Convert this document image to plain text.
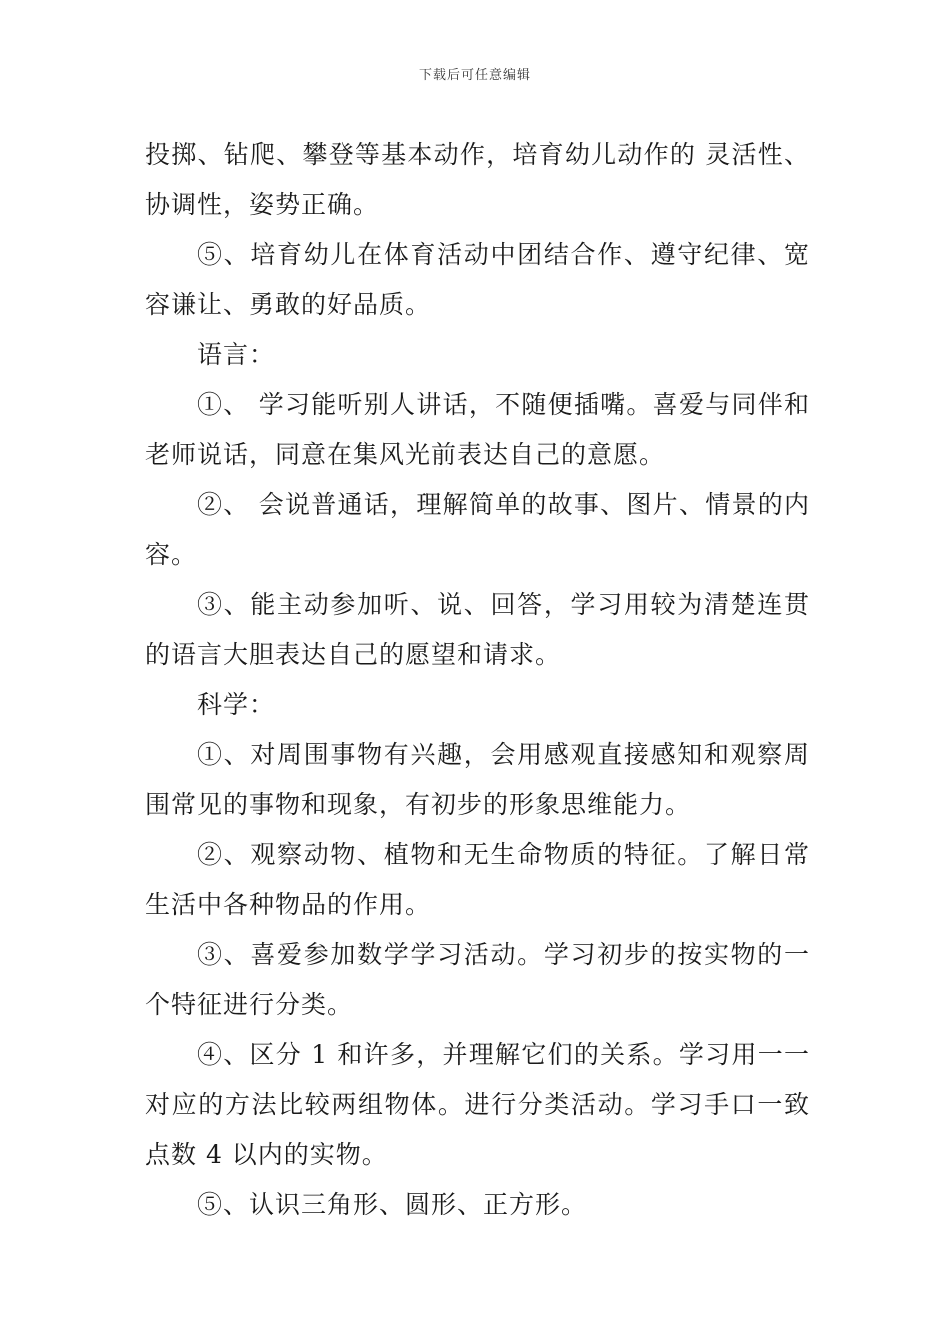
下载后可任意编辑

投掷、钻爬、攀登等基本动作，培育幼儿动作的 灵活性、协调性，姿势正确。

⑤、培育幼儿在体育活动中团结合作、遵守纪律、宽容谦让、勇敢的好品质。

语言：

①、 学习能听别人讲话，不随便插嘴。喜爱与同伴和老师说话，同意在集风光前表达自己的意愿。

②、 会说普通话，理解简单的故事、图片、情景的内容。

③、能主动参加听、说、回答，学习用较为清楚连贯的语言大胆表达自己的愿望和请求。

科学：

①、对周围事物有兴趣，会用感观直接感知和观察周围常见的事物和现象，有初步的形象思维能力。

②、观察动物、植物和无生命物质的特征。了解日常生活中各种物品的作用。

③、喜爱参加数学学习活动。学习初步的按实物的一个特征进行分类。

④、区分 1 和许多，并理解它们的关系。学习用一一对应的方法比较两组物体。进行分类活动。学习手口一致点数 4 以内的实物。

⑤、认识三角形、圆形、正方形。
